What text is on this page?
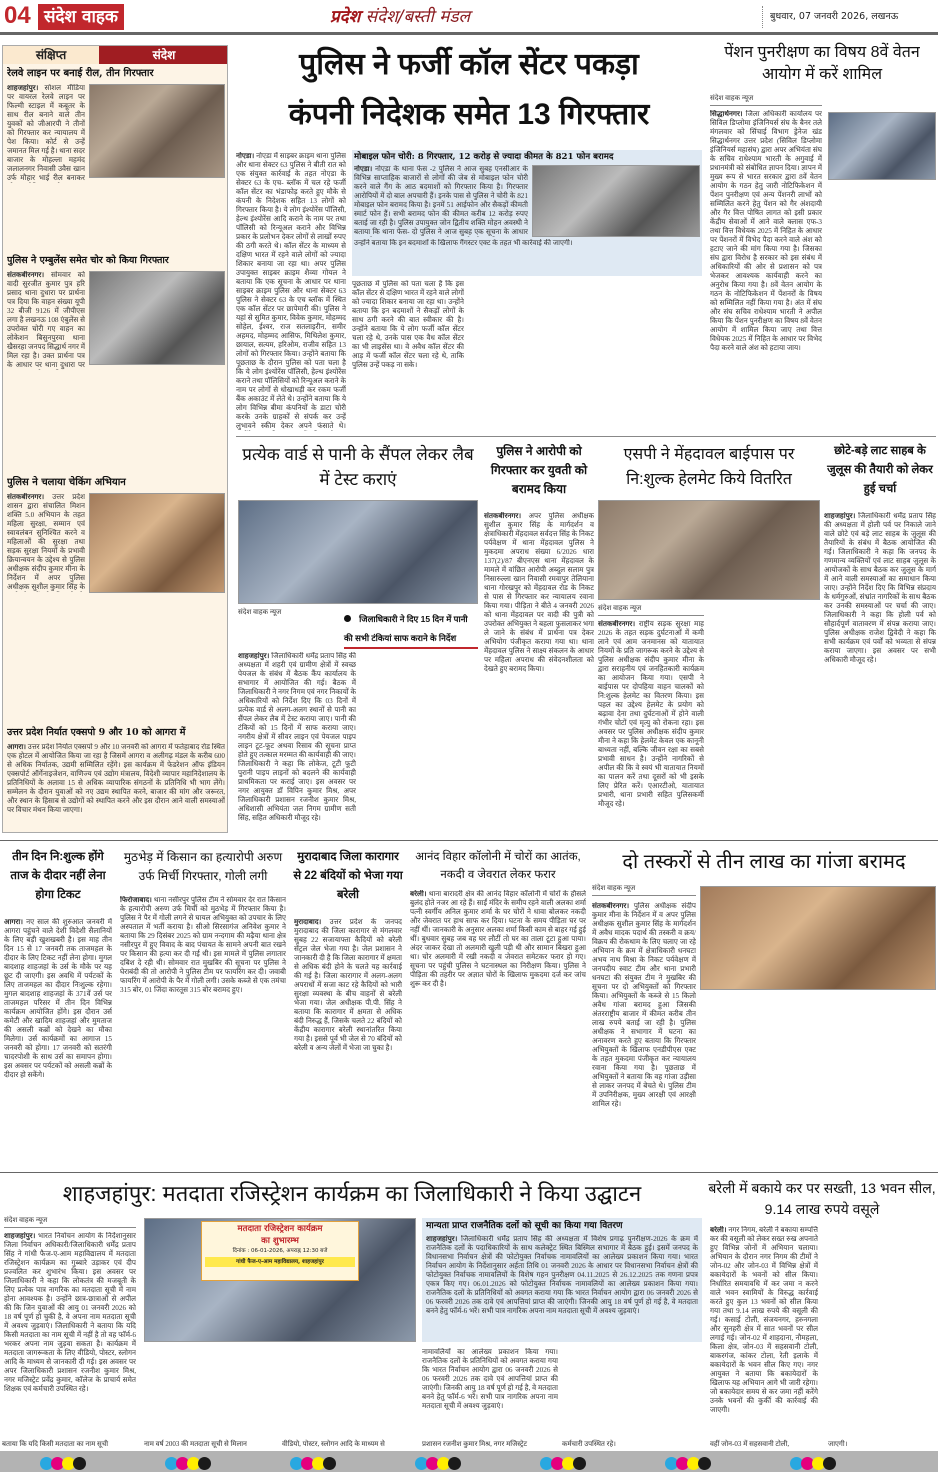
04 संदेश वाहक	प्रदेश संदेश/बस्ती मंडल	बुधवार, 07 जनवरी 2026, लखनऊ
संक्षिप्त	संदेश
रेलवे लाइन पर बनाई रील, तीन गिरफ्तार
शाहजहांपुर। सोशल मीडिया पर वायरल रेलवे लाइन पर फिल्मी स्टाइल में कबूतर के साथ रील बनाने वाले तीन युवकों को जीआरपी ने तीनों को गिरफ्तार कर न्यायालय में पेश किया। कोर्ट से उन्हें जमानत मिल गई है। थाना सदर बाजार के मोहल्ला महमंद जलालनगर निवासी उवैस खान उर्फ मौहार भाई रील बनाकर
पुलिस ने एम्बुलेंस समेत चोर को किया गिरफ्तार
संतकबीरनगर। सोमवार को वादी सुरजीत कुमार पुत्र हरि प्रसाद थाना दुधारा पर प्रार्थना पत्र दिया कि वाहन संख्या यूपी 32 बीजी 9126 में जीपीएस लगा है लखनऊ 108 एंबुलेंस से उपरोक्त चोरी गए वाहन का लोकेशन बिसुनपुरवा थाना खैसरहा जनपद सिद्धार्थ नगर में मिल रहा है। उक्त प्रार्थना पत्र के आधार पर थाना दुधारा पर
पुलिस ने चलाया चेकिंग अभियान
संतकबीरनगर। उत्तर प्रदेश शासन द्वारा संचालित मिशन शक्ति 5.0 अभियान के तहत महिला सुरक्षा, सम्मान एवं स्वावलंबन सुनिश्चित करने व महिलाओं की सुरक्षा तथा सड़क सुरक्षा नियमों के प्रभावी क्रियान्वयन के उद्देश्य से पुलिस अधीक्षक संदीप कुमार मीना के निर्देशन में अपर पुलिस अधीक्षक सुशील कुमार सिंह के
उत्तर प्रदेश निर्यात एक्सपो 9 और 10 को आगरा में
आगरा। उत्तर प्रदेश निर्यात एक्सपो 9 और 10 जनवरी को आगरा में फतेहाबाद रोड स्थित एक होटल में आयोजित किया जा रहा है जिसमें आगरा व अलीगढ़ मंडल के करीब 600 से अधिक निर्यातक, उद्यमी सम्मिलित रहेंगे। इस कार्यक्रम में फेडरेशन ऑफ इंडियन एक्सपोर्ट ऑर्गेनाइजेशन, वाणिज्य एवं उद्योग मंत्रालय, विदेशी व्यापार महानिदेशालय के प्रतिनिधियों के अलावा 15 से अधिक व्यापारिक संगठनों के प्रतिनिधि भी भाग लेंगे। सम्मेलन के दौरान युवाओं को नए उद्यम स्थापित करने, बाजार की मांग और जरूरत, और स्थान के हिसाब से उद्योगों को स्थापित करने और इस दौरान आने वाली समस्याओं पर विचार मंथन किया जाएगा।
पुलिस ने फर्जी कॉल सेंटर पकड़ा
कंपनी निदेशक समेत 13 गिरफ्तार
नोएडा। नोएडा में साइबर क्राइम थाना पुलिस और थाना सेक्टर 63 पुलिस ने बीती रात को एक संयुक्त कार्रवाई के तहत नोएडा के सेक्टर 63 के एच- ब्लॉक में चल रहे फर्जी कॉल सेंटर का भंडाफोड़ करते हुए मौके से कंपनी के निदेशक सहित 13 लोगों को गिरफ्तार किया है। ये लोग इंश्योरेंस पॉलिसी, हेल्थ इंश्योरेंस आदि कराने के नाम पर तथा पॉलिसी को रिन्यूअल कराने और विभिन्न प्रकार के प्रलोभन देकर लोगों से लाखों रुपए की ठगी करते थे। कॉल सेंटर के माध्यम से दक्षिण भारत में रहने वाले लोगों को ज्यादा शिकार बनाया जा रहा था। अपर पुलिस उपायुक्त साइबर क्राइम शैव्या गोयल ने बताया कि एक सूचना के आधार पर थाना साइबर क्राइम पुलिस और थाना सेक्टर 63 पुलिस ने सेक्टर 63 के एच ब्लॉक में स्थित एक कॉल सेंटर पर छापेमारी की। पुलिस ने यहां से सुमित कुमार, विवेक कुमार, मोहम्मद सोहेल, ईश्वर, राज सतलाइरीन, समीर अहमद, मोहम्मद आसिफ, मिथिलेश कुमार, छायाल, सत्यम, हरिओम, राजीव सहित 13 लोगों को गिरफ्तार किया। उन्होंने बताया कि पूछताछ के दौरान पुलिस को पता चला है कि ये लोग इंश्योरेंस पॉलिसी, हेल्थ इंश्योरेंस कराने तथा पॉलिसियों को रिन्यूअल कराने के नाम पर लोगों से धोखाधड़ी कर रकम फर्जी बैंक अकाउंट में लेते थे। उन्होंने बताया कि ये लोग विभिन्न बीमा कंपनियों के डाटा चोरी करके उनके ग्राहकों से संपर्क कर उन्हें लुभावने स्कीम देकर अपने फंसाते थे।
मोबाइल फोन चोरी: 8 गिरफ्तार, 12 करोड़ से ज्यादा कीमत के 821 फोन बरामद
नोएडा। नोएडा के थाना फेस -2 पुलिस ने आज सुबह एनसीआर के विभिन्न साप्ताहिक बाजारों से लोगों की जेब से मोबाइल फोन चोरी करने वाले गैंग के आठ बदमाशों को गिरफ्तार किया है। गिरफ्तार आरोपियों में दो बाल अपचारी हैं। इनके पास से पुलिस ने चोरी के 821 मोबाइल फोन बरामद किया है। इनमें 51 आईफोन और सैकड़ों कीमती स्मार्ट फोन हैं। सभी बरामद फोन की कीमत करीब 12 करोड़ रुपए बताई जा रही है। पुलिस उपायुक्त जोन द्वितीय शक्ति मोहन अवस्थी ने बताया कि थाना फेस- दो पुलिस ने आज सुबह एक सूचना के आधार
उन्होंने बताया कि इन बदमाशों के खिलाफ गैंगस्टर एक्ट के तहत भी कार्रवाई की जाएगी।
पूछताछ में पुलिस को पता चला है कि इस कॉल सेंटर से दक्षिण भारत में रहने वाले लोगों को ज्यादा शिकार बनाया जा रहा था। उन्होंने बताया कि इन बदमाशों ने सैकड़ों लोगों के साथ ठगी करने की बात स्वीकार की है। उन्होंने बताया कि ये लोग फर्जी कॉल सेंटर चला रहे थे, उनके पास एक वैध कॉल सेंटर का भी लाइसेंस था। वे अवैध कॉल सेंटर की आड़ में फर्जी कॉल सेंटर चला रहे थे, ताकि पुलिस उन्हें पकड़ ना सके।
पेंशन पुनरीक्षण का विषय 8वें वेतन आयोग में करें शामिल
संदेश वाहक न्यूज
सिद्धार्थनगर। जिला अधिकारी कार्यालय पर सिविल डिप्लोमा इंजिनियर्स संघ के बैनर तले मंगलवार को सिंचाई विभाग ड्रेनेज खंड सिद्धार्थनगर उत्तर प्रदेश (सिविल डिप्लोमा इंजिनियर्स महासंघ) द्वारा अपर अभियंता संघ के सचिव राधेश्याम भारती के अगुवाई में प्रधानमंत्री को संबोधित ज्ञापन दिया। ज्ञापन में मुख्य रूप से भारत सरकार द्वारा 8वें वेतन आयोग के गठन हेतु जारी नोटिफिकेशन में पेंशन पुनरीक्षण एवं अन्य पेंशनरी लाभों को सम्मिलित करने हेतु पेंशन को गैर अंशदायी और गैर वित्त पोषित लागत को इसी प्रकार केंद्रीय सेवाओं में आने वाले क्लास एफ-3 तथा वित्त विधेयक 2025 में निहित के आधार पर पेंशनरों में विभेद पैदा करने वाले अंश को हटाए जाने की मांग किया गया है। जिसका संघ द्वारा विरोध है सरकार को इस संबंध में अधिकारियों की ओर से प्रशासन को पत्र भेजकर आवश्यक कार्यवाही करने का अनुरोध किया गया है। 8वें वेतन आयोग के गठन के नोटिफिकेशन में पेंशनरों के विषय को सम्मिलित नहीं किया गया है। अंत में संघ और संघ सचिव राधेश्याम भारती ने अपील किया कि पेंशन पुनरीक्षण का विषय 8वें वेतन आयोग में शामिल किया जाए तथा वित्त विधेयक 2025 में निहित के आधार पर विभेद पैदा करने वाले अंश को हटाया जाय।
प्रत्येक वार्ड से पानी के सैंपल लेकर लैब में टेस्ट कराएं
संदेश वाहक न्यूज
जिलाधिकारी ने दिए 15 दिन में पानी की सभी टंकियां साफ कराने के निर्देश
शाहजहांपुर। जिलाधिकारी धर्मेंद्र प्रताप सिंह की अध्यक्षता में शहरी एवं ग्रामीण क्षेत्रों में स्वच्छ पेयजल के संबंध में बैठक कैंप कार्यालय के सभागार में आयोजित की गई। बैठक में जिलाधिकारी ने नगर निगम एवं नगर निकायों के अधिकारियों को निर्देश दिए कि 03 दिनों में प्रत्येक वार्ड से अलग-अलग स्थानों से पानी का सैंपल लेकर लैब में टेस्ट कराया जाए। पानी की टंकियों को 15 दिनों में साफ कराया जाए। नगरीय क्षेत्रों में सीवर लाइन एवं पेयजल पाइप लाइन टूट-फूट अथवा रिसाव की सूचना प्राप्त होते हुए तत्काल मरम्मत की कार्यवाही की जाए। जिलाधिकारी ने कहा कि लोकेज, टूटी फूटी पुरानी पाइप लाइनों को बदलने की कार्यवाही प्राथमिकता पर कराई जाए। इस अवसर पर नगर आयुक्त डॉ विपिन कुमार मिश्र, अपर जिलाधिकारी प्रशासन रजनीश कुमार मिश्र, अधिशासी अभियंता जल निगम ग्रामीण सती सिंह, सहित अधिकारी मौजूद रहे।
पुलिस ने आरोपी को गिरफ्तार कर युवती को बरामद किया
संतकबीरनगर। अपर पुलिस अधीक्षक सुशील कुमार सिंह के मार्गदर्शन व क्षेत्राधिकारी मेंहदावल सर्वदत्त सिंह के निकट पर्यवेक्षण में थाना मेंहदावल पुलिस ने मुकदमा अपराध संख्या 6/2026 धारा 137(2)/87 बीएनएस थाना मेंहदावल के मामले में वांछित आरोपी अब्दुल सलाम पुत्र निसारुल्ला खान निवासी रमवापुर तेलियाना थाना गोरखपुर को मेंहदावल रोड के निकट से पास से गिरफ्तार कर न्यायालय रवाना किया गया। पीड़िता ने बीते 4 जनवरी 2026 को थाना मेंहदावल पर वादी की पुत्री को उपरोक्त अभियुक्त ने बहला फुसलाकर भगा ले जाने के संबंध में प्रार्थना पत्र देकर अभियोग पंजीकृत कराया गया था। थाना मेंहदावल पुलिस ने साक्ष्य संकलन के आधार पर महिला अपराध की संवेदनशीलता को देखते हुए बरामद किया।
एसपी ने मेंहदावल बाईपास पर नि:शुल्क हेलमेट किये वितरित
संदेश वाहक न्यूज
संतकबीरनगर। राष्ट्रीय सड़क सुरक्षा माह 2026 के तहत सड़क दुर्घटनाओं में कमी लाने एवं आम जनमानस को यातायात नियमों के प्रति जागरूक करने के उद्देश्य से पुलिस अधीक्षक संदीप कुमार मीना के द्वारा सराहनीय एवं जनहितकारी कार्यक्रम का आयोजन किया गया। एसपी ने बाईपास पर दोपहिया वाहन चालकों को नि:शुल्क हेलमेट का वितरण किया। इस पहल का उद्देश्य हेलमेट के प्रयोग को बढ़ावा देना तथा दुर्घटनाओं में होने वाली गंभीर चोटों एवं मृत्यु को रोकना रहा। इस अवसर पर पुलिस अधीक्षक संदीप कुमार मीना ने कहा कि हेलमेट केवल एक कानूनी बाध्यता नहीं, बल्कि जीवन रक्षा का सबसे प्रभावी साधन है। उन्होंने नागरिकों से अपील की कि वे स्वयं भी यातायात नियमों का पालन करें तथा दूसरों को भी इसके लिए प्रेरित करें। एआरटीओ, यातायात प्रभारी, थाना प्रभारी सहित पुलिसकर्मी मौजूद रहे।
छोटे-बड़े लाट साहब के जुलूस की तैयारी को लेकर हुई चर्चा
शाहजहांपुर। जिलाधिकारी धर्मेंद्र प्रताप सिंह की अध्यक्षता में होली पर्व पर निकाले जाने वाले छोटे एवं बड़े लाट साहब के जुलूस की तैयारियों के संबंध में बैठक आयोजित की गई। जिलाधिकारी ने कहा कि जनपद के गणमान्य व्यक्तियों एवं लाट साहब जुलूस के आयोजकों के साथ बैठक कर जुलूस के मार्ग में आने वाली समस्याओं का समाधान किया जाए। उन्होंने निर्देश दिए कि विभिन्न संप्रदाय के धर्मगुरुओं, संभ्रांत नागरिकों के साथ बैठक कर उनकी समस्याओं पर चर्चा की जाए। जिलाधिकारी ने कहा कि होली पर्व को सौहार्दपूर्ण वातावरण में संपन्न कराया जाए। पुलिस अधीक्षक राजेश द्विवेदी ने कहा कि सभी कार्यक्रम एवं पर्वों को भव्यता से संपन्न कराया जाएगा। इस अवसर पर सभी अधिकारी मौजूद रहे।
तीन दिन नि:शुल्क होंगे ताज के दीदार नहीं लेना होगा टिकट
आगरा। नए साल की शुरुआत जनवरी में आगरा पहुंचने वाले देशी विदेशी सैलानियों के लिए बड़ी खुशखबरी है। इस माह तीन दिन 15 से 17 जनवरी तक ताजमहल के दीदार के लिए टिकट नहीं लेना होगा। मुगल बादशाह शाहजहां के उर्स के मौके पर यह छूट दी जाएगी। इस अवधि में पर्यटकों के लिए ताजमहल का दीदार निःशुल्क रहेगा। मुगल बादशाह शाहजहां के 371वें उर्स पर ताजमहल परिसर में तीन दिन विभिन्न कार्यक्रम आयोजित होंगे। इस दौरान उर्स कमेटी और खादिम शाहजहां और मुमताज की असली कब्रों को देखने का मौका मिलेगा। उर्स कार्यक्रमों का आगाज 15 जनवरी को होगा। 17 जनवरी को सतरंगी चादरपोशी के साथ उर्स का समापन होगा। इस अवसर पर पर्यटकों को असली कब्रों के दीदार हो सकेंगे।
मुठभेड़ में किसान का हत्यारोपी अरुण उर्फ मिर्ची गिरफ्तार, गोली लगी
फिरोजाबाद। थाना नसीरपुर पुलिस टीम ने सोमवार देर रात किसान के हत्यारोपी अरुण उर्फ मिर्ची को मुठभेड़ में गिरफ्तार किया है। पुलिस ने पैर में गोली लगने से घायल अभियुक्त को उपचार के लिए अस्पताल में भर्ती कराया है। सीओ सिरसागंज अनिवेश कुमार ने बताया कि 29 दिसंबर 2025 को ग्राम नन्दगाम की मढ़ैया थाना क्षेत्र नसीरपुर में हुए विवाद के बाद पंचायत के सामने अपनी बात रखने पर किसान की हत्या कर दी गई थी। इस मामले में पुलिस लगातार दबिश दे रही थी। सोमवार रात मुखबिर की सूचना पर पुलिस ने घेराबंदी की तो आरोपी ने पुलिस टीम पर फायरिंग कर दी। जवाबी फायरिंग में आरोपी के पैर में गोली लगी। उसके कब्जे से एक तमंचा 315 बोर, 01 जिंदा कारतूस 315 बोर बरामद हुए।
मुरादाबाद जिला कारागार से 22 बंदियों को भेजा गया बरेली
मुरादाबाद। उत्तर प्रदेश के जनपद मुरादाबाद की जिला कारागार से मंगलवार सुबह 22 सजायाफ्ता कैदियों को बरेली सेंट्रल जेल भेजा गया है। जेल प्रशासन ने जानकारी दी है कि जिला कारागार में क्षमता से अधिक बंदी होने के चलते यह कार्रवाई की गई है। जिला कारागार में अलग-अलग अपराधों में सजा काट रहे कैदियों को भारी सुरक्षा व्यवस्था के बीच वाहनों से बरेली भेजा गया। जेल अधीक्षक पी.पी. सिंह ने बताया कि कारागार में क्षमता से अधिक बंदी निरुद्ध हैं, जिसके चलते 22 बंदियों को केंद्रीय कारागार बरेली स्थानांतरित किया गया है। इससे पूर्व भी जेल से 70 बंदियों को बरेली व अन्य जेलों में भेजा जा चुका है।
आनंद विहार कॉलोनी में चोरों का आतंक, नकदी व जेवरात लेकर फरार
बरेली। थाना बारादरी क्षेत्र की आनंद विहार कॉलोनी में चोरों के हौसले बुलंद होते नजर आ रहे हैं। साईं मंदिर के समीप रहने वाली अलका शर्मा पत्नी स्वर्गीय अनिल कुमार शर्मा के घर चोरों ने धावा बोलकर नकदी और जेवरात पर हाथ साफ कर दिया। घटना के समय पीड़िता घर पर नहीं थीं। जानकारी के अनुसार अलका शर्मा किसी काम से बाहर गई हुई थीं। बुधवार सुबह जब वह घर लौटीं तो घर का ताला टूटा हुआ पाया। अंदर जाकर देखा तो अलमारी खुली पड़ी थी और सामान बिखरा हुआ था। चोर अलमारी में रखी नकदी व जेवरात समेटकर फरार हो गए। सूचना पर पहुंची पुलिस ने घटनास्थल का निरीक्षण किया। पुलिस ने पीड़िता की तहरीर पर अज्ञात चोरों के खिलाफ मुकदमा दर्ज कर जांच शुरू कर दी है।
दो तस्करों से तीन लाख का गांजा बरामद
संदेश वाहक न्यूज
संतकबीरनगर। पुलिस अधीक्षक संदीप कुमार मीना के निर्देशन में व अपर पुलिस अधीक्षक सुशील कुमार सिंह के मार्गदर्शन में अवैध मादक पदार्थ की तस्करी व क्रय/विक्रय की रोकथाम के लिए चलाए जा रहे अभियान के क्रम में क्षेत्राधिकारी धनघटा अभय नाथ मिश्रा के निकट पर्यवेक्षण में जनपदीय स्वाट टीम और थाना प्रभारी धनघटा की संयुक्त टीम ने मुखबिर की सूचना पर दो अभियुक्तों को गिरफ्तार किया। अभियुक्तों के कब्जे से 15 किलो अवैध गांजा बरामद हुआ जिसकी अंतरराष्ट्रीय बाजार में कीमत करीब तीन लाख रुपये बताई जा रही है। पुलिस अधीक्षक ने सभागार में घटना का अनावरण करते हुए बताया कि गिरफ्तार अभियुक्तों के खिलाफ एनडीपीएस एक्ट के तहत मुकदमा पंजीकृत कर न्यायालय रवाना किया गया है। पूछताछ में अभियुक्तों ने बताया कि वह गांजा उड़ीसा से लाकर जनपद में बेचते थे। पुलिस टीम में उपनिरीक्षक, मुख्य आरक्षी एवं आरक्षी शामिल रहे।
शाहजहांपुर: मतदाता रजिस्ट्रेशन कार्यक्रम का जिलाधिकारी ने किया उद्घाटन
संदेश वाहक न्यूज
शाहजहांपुर। भारत निर्वाचन आयोग के निर्देशानुसार जिला निर्वाचन अधिकारी/जिलाधिकारी धर्मेंद्र प्रताप सिंह ने गांधी फैज-ए-आम महाविद्यालय में मतदाता रजिस्ट्रेशन कार्यक्रम का गुब्बारे उड़ाकर एवं दीप प्रज्वलित कर शुभारंभ किया। इस अवसर पर जिलाधिकारी ने कहा कि लोकतंत्र की मजबूती के लिए प्रत्येक पात्र नागरिक का मतदाता सूची में नाम होना आवश्यक है। उन्होंने छात्र-छात्राओं से अपील की कि जिन युवाओं की आयु 01 जनवरी 2026 को 18 वर्ष पूर्ण हो चुकी है, वे अपना नाम मतदाता सूची में अवश्य जुड़वाएं। जिलाधिकारी ने बताया कि यदि किसी मतदाता का नाम सूची में नहीं है तो वह फॉर्म-6 भरकर अपना नाम जुड़वा सकता है। कार्यक्रम में मतदाता जागरूकता के लिए वीडियो, पोस्टर, स्लोगन आदि के माध्यम से जानकारी दी गई। इस अवसर पर अपर जिलाधिकारी प्रशासन रजनीश कुमार मिश्र, नगर मजिस्ट्रेट प्रवेंद्र कुमार, कॉलेज के प्राचार्य समेत शिक्षक एवं कर्मचारी उपस्थित रहे।
मतदाता रजिस्ट्रेशन कार्यक्रम
का शुभारम्भ
दिनांक : 06-01-2026, अपराह्न 12:30 बजे
गांधी फैज-ए-आम महाविद्यालय, शाहजहांपुर
मान्यता प्राप्त राजनैतिक दलों को सूची का किया गया वितरण
शाहजहांपुर। जिलाधिकारी धर्मेंद्र प्रताप सिंह की अध्यक्षता में विशेष प्रगाढ़ पुनरीक्षण-2026 के क्रम में राजनैतिक दलों के पदाधिकारियों के साथ कलेक्ट्रेट स्थित बिस्मिल सभागार में बैठक हुई। इसमें जनपद के विधानसभा निर्वाचन क्षेत्रों की फोटोयुक्त निर्वाचक नामावलियों का आलेख्य प्रकाशन किया गया। भारत निर्वाचन आयोग के निर्देशानुसार अर्हता तिथि 01 जनवरी 2026 के आधार पर विधानसभा निर्वाचन क्षेत्रों की फोटोयुक्त निर्वाचक नामावलियों के विशेष गहन पुनरीक्षण 04.11.2025 से 26.12.2025 तक गणना प्रपत्र एकत्र किए गए। 06.01.2026 को फोटोयुक्त निर्वाचक नामावलियों का आलेख्य प्रकाशन किया गया। राजनैतिक दलों के प्रतिनिधियों को अवगत कराया गया कि भारत निर्वाचन आयोग द्वारा 06 जनवरी 2026 से 06 फरवरी 2026 तक दावे एवं आपत्तियां प्राप्त की जाएंगी। जिनकी आयु 18 वर्ष पूर्ण हो गई है, वे मतदाता बनने हेतु फॉर्म-6 भरें। सभी पात्र नागरिक अपना नाम मतदाता सूची में अवश्य जुड़वाएं।
नामावलियों का आलेख्य प्रकाशन किया गया। राजनैतिक दलों के प्रतिनिधियों को अवगत कराया गया कि भारत निर्वाचन आयोग द्वारा 06 जनवरी 2026 से 06 फरवरी 2026 तक दावे एवं आपत्तियां प्राप्त की जाएंगी। जिनकी आयु 18 वर्ष पूर्ण हो गई है, वे मतदाता बनने हेतु फॉर्म-6 भरें। सभी पात्र नागरिक अपना नाम मतदाता सूची में अवश्य जुड़वाएं।
बरेली में बकाये कर पर सख्ती, 13 भवन सील, 9.14 लाख रुपये वसूले
बरेली। नगर निगम, बरेली ने बकाया सम्पत्ति कर की वसूली को लेकर सख्त रुख अपनाते हुए विभिन्न जोनों में अभियान चलाया। अभियान के दौरान नगर निगम की टीमों ने जोन-02 और जोन-03 में विभिन्न क्षेत्रों में बकायेदारों के भवनों को सील किया। निर्धारित समयावधि में कर जमा न करने वाले भवन स्वामियों के विरुद्ध कार्रवाई करते हुए कुल 13 भवनों को सील किया गया तथा 9.14 लाख रुपये की वसूली की गई। कसाई टोली, संजयनगर, हरुनगला और सुनहरी क्षेत्र में सात भवनों पर सील लगाई गई। जोन-02 में शाहदाना, नौमहला, किला क्षेत्र, जोन-03 में सहसवानी टोली, बाकरगंज, कांकर टोला, रेती इलाके में बकायेदारों के भवन सील किए गए। नगर आयुक्त ने बताया कि बकायेदारों के खिलाफ यह अभियान आगे भी जारी रहेगा। जो बकायेदार समय से कर जमा नहीं करेंगे उनके भवनों की कुर्की की कार्रवाई की जाएगी।
बताया कि यदि किसी मतदाता का नाम सूची	नाम वर्ष 2003 की मतदाता सूची से मिलान	वीडियो, पोस्टर, स्लोगन आदि के माध्यम से	प्रशासन रजनीश कुमार मिश्र, नगर मजिस्ट्रेट	कर्मचारी उपस्थित रहे।	वहीं जोन-03 में सहसवानी टोली,	जाएगी।
